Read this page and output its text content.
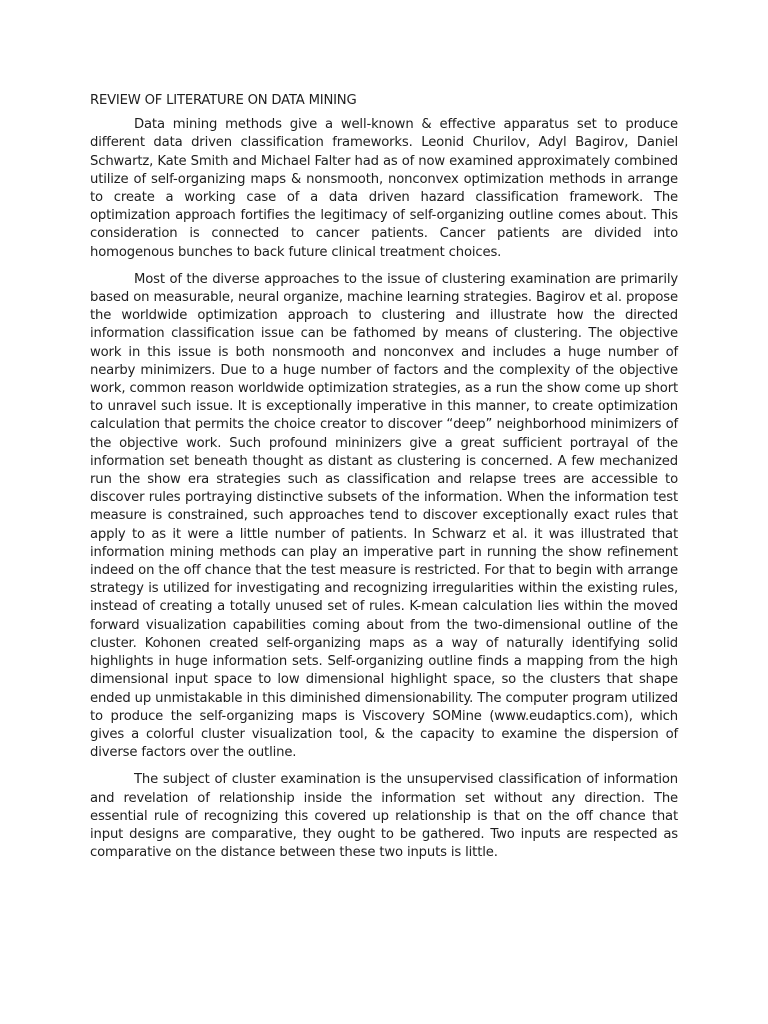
REVIEW OF LITERATURE ON DATA MINING

Data mining methods give a well-known & effective apparatus set to produce different data driven classification frameworks. Leonid Churilov, Adyl Bagirov, Daniel Schwartz, Kate Smith and Michael Falter had as of now examined approximately combined utilize of self-organizing maps & nonsmooth, nonconvex optimization methods in arrange to create a working case of a data driven hazard classification framework. The optimization approach fortifies the legitimacy of self-organizing outline comes about. This consideration is connected to cancer patients. Cancer patients are divided into homogenous bunches to back future clinical treatment choices.

Most of the diverse approaches to the issue of clustering examination are primarily based on measurable, neural organize, machine learning strategies. Bagirov et al. propose the worldwide optimization approach to clustering and illustrate how the directed information classification issue can be fathomed by means of clustering. The objective work in this issue is both nonsmooth and nonconvex and includes a huge number of nearby minimizers. Due to a huge number of factors and the complexity of the objective work, common reason worldwide optimization strategies, as a run the show come up short to unravel such issue. It is exceptionally imperative in this manner, to create optimization calculation that permits the choice creator to discover “deep” neighborhood minimizers of the objective work. Such profound mininizers give a great sufficient portrayal of the information set beneath thought as distant as clustering is concerned. A few mechanized run the show era strategies such as classification and relapse trees are accessible to discover rules portraying distinctive subsets of the information. When the information test measure is constrained, such approaches tend to discover exceptionally exact rules that apply to as it were a little number of patients. In Schwarz et al. it was illustrated that information mining methods can play an imperative part in running the show refinement indeed on the off chance that the test measure is restricted. For that to begin with arrange strategy is utilized for investigating and recognizing irregularities within the existing rules, instead of creating a totally unused set of rules. K-mean calculation lies within the moved forward visualization capabilities coming about from the two-dimensional outline of the cluster. Kohonen created self-organizing maps as a way of naturally identifying solid highlights in huge information sets. Self-organizing outline finds a mapping from the high dimensional input space to low dimensional highlight space, so the clusters that shape ended up unmistakable in this diminished dimensionability. The computer program utilized to produce the self-organizing maps is Viscovery SOMine (www.eudaptics.com), which gives a colorful cluster visualization tool, & the capacity to examine the dispersion of diverse factors over the outline.

The subject of cluster examination is the unsupervised classification of information and revelation of relationship inside the information set without any direction. The essential rule of recognizing this covered up relationship is that on the off chance that input designs are comparative, they ought to be gathered. Two inputs are respected as comparative on the distance between these two inputs is little.
